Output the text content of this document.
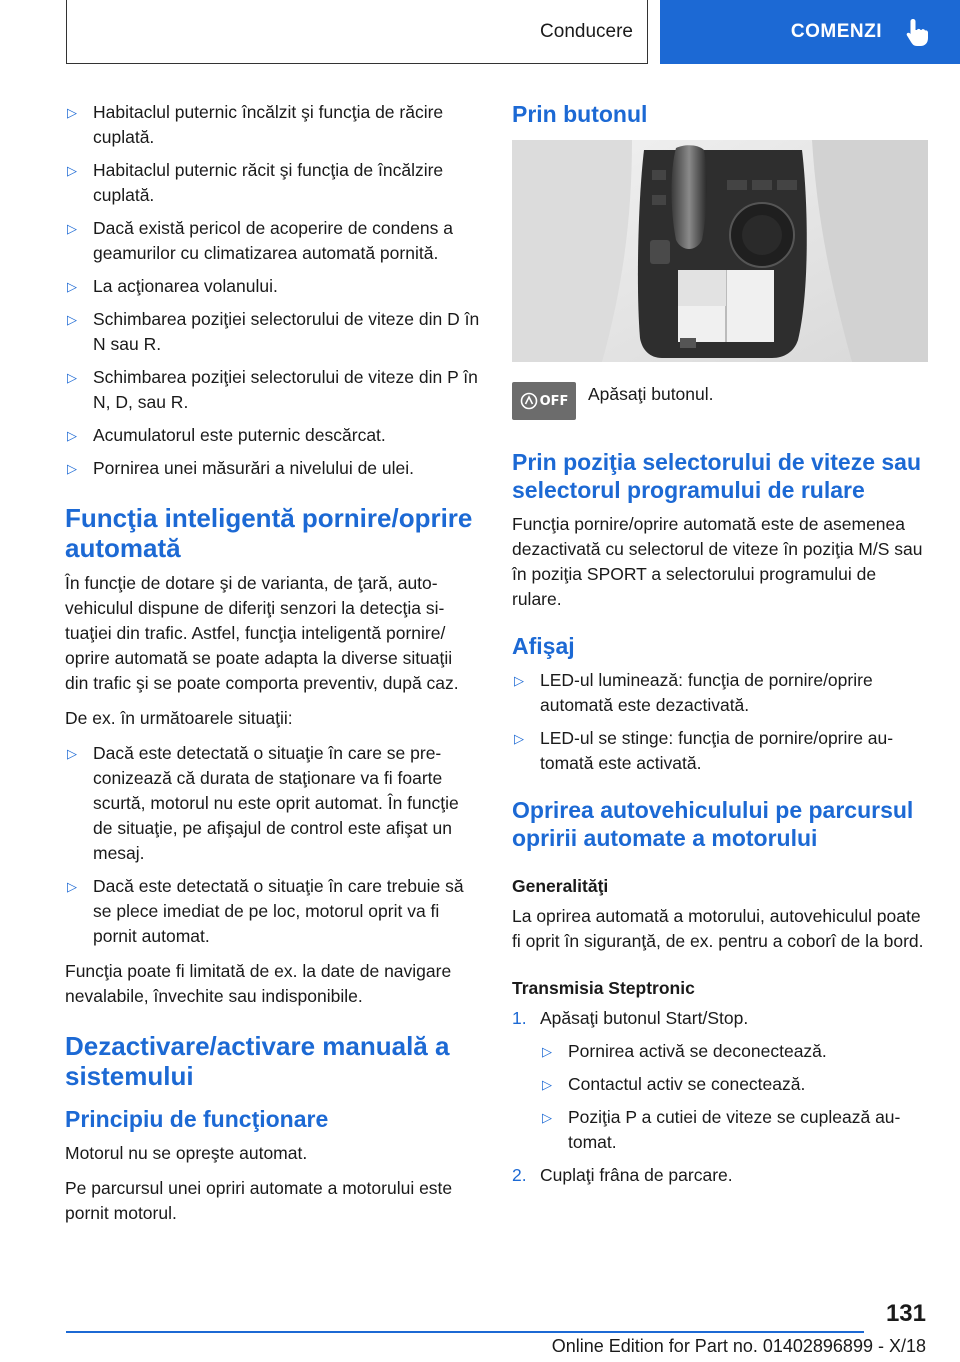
Conducere	COMENZI
▷ Habitaclul puternic încălzit şi funcţia de răcire cuplată.
▷ Habitaclul puternic răcit şi funcţia de încălzire cuplată.
▷ Dacă există pericol de acoperire de condens a geamurilor cu climatizarea automată pornită.
▷ La acţionarea volanului.
▷ Schimbarea poziţiei selectorului de viteze din D în N sau R.
▷ Schimbarea poziţiei selectorului de viteze din P în N, D, sau R.
▷ Acumulatorul este puternic descărcat.
▷ Pornirea unei măsurări a nivelului de ulei.
Funcţia inteligentă pornire/oprire automată

În funcţie de dotare şi de varianta, de ţară, autovehiculul dispune de diferiţi senzori la detecţia situaţiei din trafic. Astfel, funcţia inteligentă pornire/ oprire automată se poate adapta la diverse situaţii din trafic şi se poate comporta preventiv, după caz.

De ex. în următoarele situaţii:

▷ Dacă este detectată o situaţie în care se preconizează că durata de staţionare va fi foarte scurtă, motorul nu este oprit automat. În funcţie de situaţie, pe afişajul de control este afişat un mesaj.
▷ Dacă este detectată o situaţie în care trebuie să se plece imediat de pe loc, motorul oprit va fi pornit automat.

Funcţia poate fi limitată de ex. la date de navigare nevalabile, învechite sau indisponibile.

Dezactivare/activare manuală a sistemului
Principiu de funcţionare

Motorul nu se opreşte automat.

Pe parcursul unei opriri automate a motorului este pornit motorul.

Prin butonul
OFF Apăsaţi butonul.

Prin poziţia selectorului de viteze sau selectorul programului de rulare

Funcţia pornire/oprire automată este de asemenea dezactivată cu selectorul de viteze în poziţia M/S sau în poziţia SPORT a selectorului programului de rulare.

Afişaj
▷ LED-ul luminează: funcţia de pornire/oprire automată este dezactivată.
▷ LED-ul se stinge: funcţia de pornire/oprire automată este activată.
Oprirea autovehiculului pe parcursul opririi automate a motorului
Generalităţi

La oprirea automată a motorului, autovehiculul poate fi oprit în siguranţă, de ex. pentru a coborî de la bord.

Transmisia Steptronic
1. Apăsaţi butonul Start/Stop.
▷ Pornirea activă se deconectează.
▷ Contactul activ se conectează.
▷ Poziţia P a cutiei de viteze se cuplează automat.
2. Cuplaţi frâna de parcare.
131
Online Edition for Part no. 01402896899 - X/18
